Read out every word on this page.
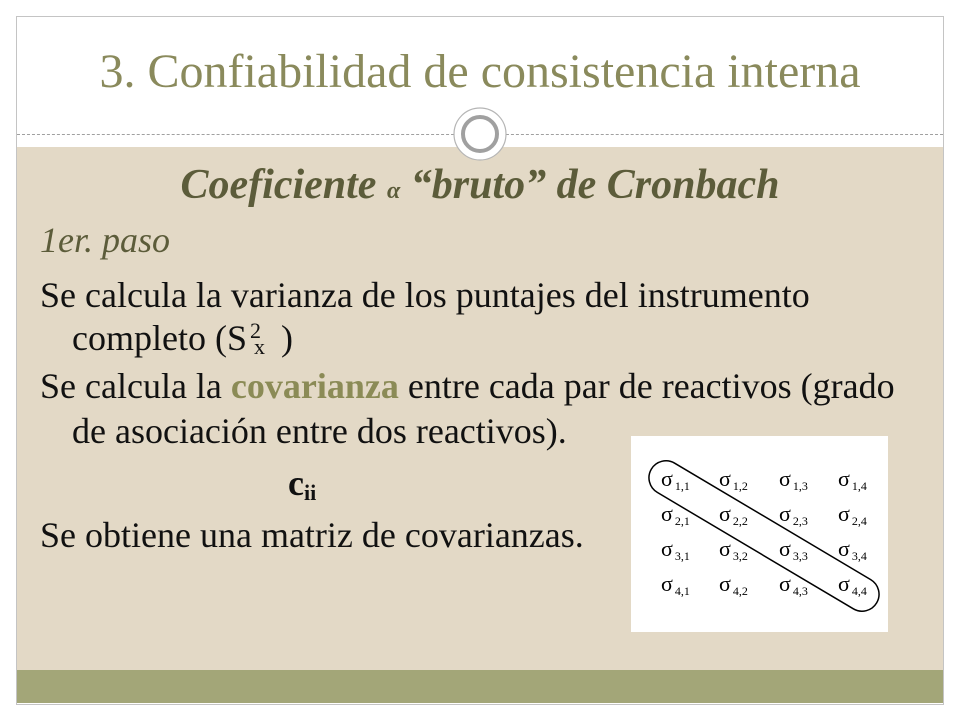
3. Confiabilidad de consistencia interna
Coeficiente α “bruto” de Cronbach
1er. paso
Se calcula la varianza de los puntajes del instrumento
completo (S 2
x )
Se calcula la covarianza entre cada par de reactivos (grado
de asociación entre dos reactivos).
cii
Se obtiene una matriz de covarianzas.
σ 1,1 σ 1,2 σ 1,3 σ 1,4
σ 2,1 σ 2,2 σ 2,3 σ 2,4
σ 3,1 σ 3,2 σ 3,3 σ 3,4
σ 4,1 σ 4,2 σ 4,3 σ 4,4
